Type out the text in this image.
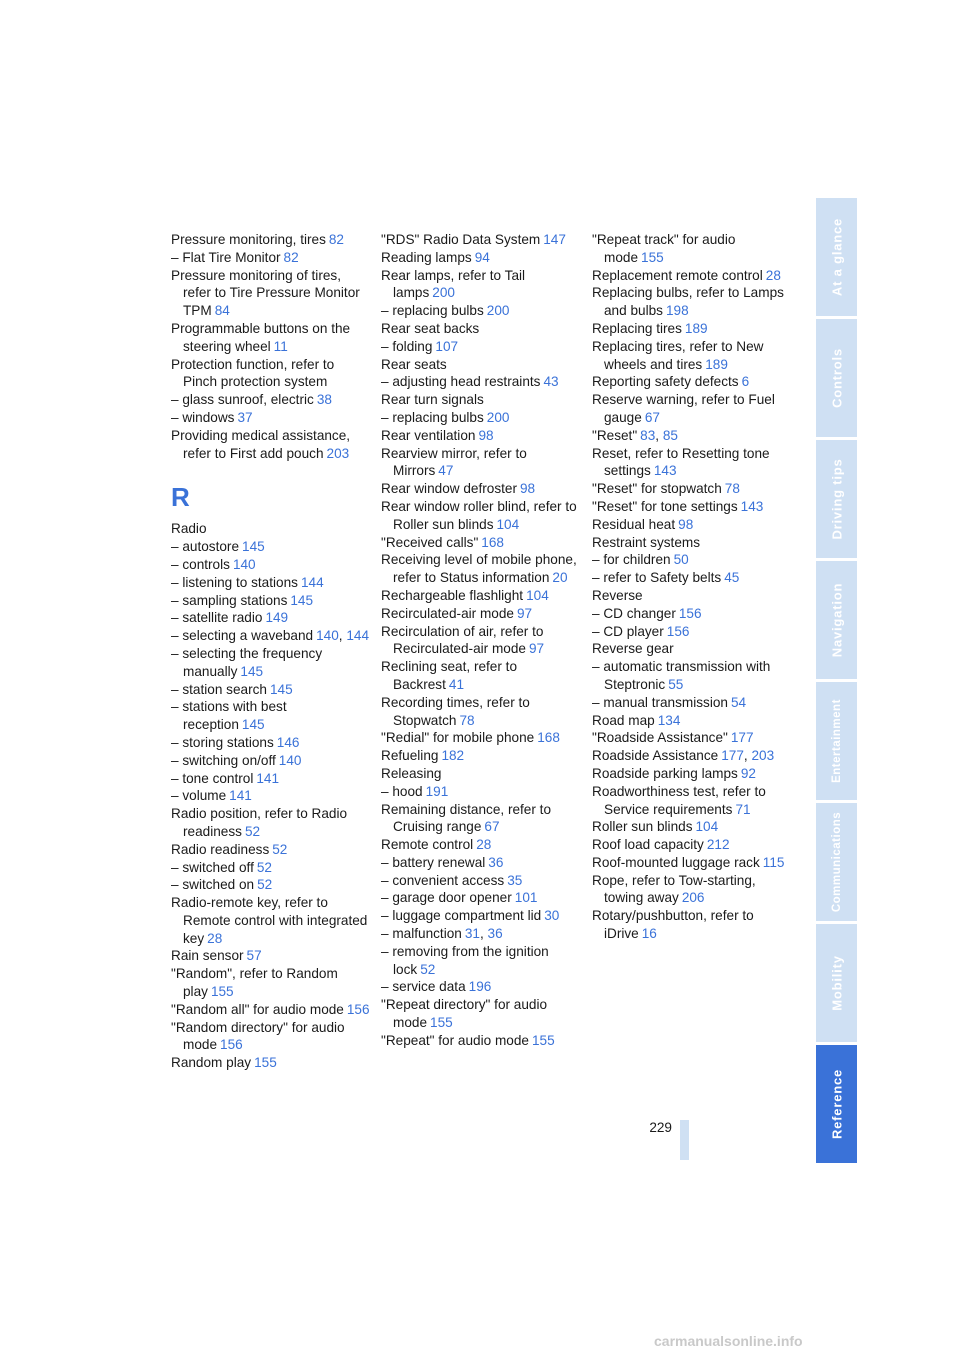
Pressure monitoring, tires 82
– Flat Tire Monitor 82
Pressure monitoring of tires, refer to Tire Pressure Monitor TPM 84
Programmable buttons on the steering wheel 11
Protection function, refer to Pinch protection system
– glass sunroof, electric 38
– windows 37
Providing medical assistance, refer to First add pouch 203
R
Radio
– autostore 145
– controls 140
– listening to stations 144
– sampling stations 145
– satellite radio 149
– selecting a waveband 140, 144
– selecting the frequency manually 145
– station search 145
– stations with best reception 145
– storing stations 146
– switching on/off 140
– tone control 141
– volume 141
Radio position, refer to Radio readiness 52
Radio readiness 52
– switched off 52
– switched on 52
Radio-remote key, refer to Remote control with integrated key 28
Rain sensor 57
"Random", refer to Random play 155
"Random all" for audio mode 156
"Random directory" for audio mode 156
Random play 155
"RDS" Radio Data System 147
Reading lamps 94
Rear lamps, refer to Tail lamps 200
– replacing bulbs 200
Rear seat backs
– folding 107
Rear seats
– adjusting head restraints 43
Rear turn signals
– replacing bulbs 200
Rear ventilation 98
Rearview mirror, refer to Mirrors 47
Rear window defroster 98
Rear window roller blind, refer to Roller sun blinds 104
"Received calls" 168
Receiving level of mobile phone, refer to Status information 20
Rechargeable flashlight 104
Recirculated-air mode 97
Recirculation of air, refer to Recirculated-air mode 97
Reclining seat, refer to Backrest 41
Recording times, refer to Stopwatch 78
"Redial" for mobile phone 168
Refueling 182
Releasing
– hood 191
Remaining distance, refer to Cruising range 67
Remote control 28
– battery renewal 36
– convenient access 35
– garage door opener 101
– luggage compartment lid 30
– malfunction 31, 36
– removing from the ignition lock 52
– service data 196
"Repeat directory" for audio mode 155
"Repeat" for audio mode 155
"Repeat track" for audio mode 155
Replacement remote control 28
Replacing bulbs, refer to Lamps and bulbs 198
Replacing tires 189
Replacing tires, refer to New wheels and tires 189
Reporting safety defects 6
Reserve warning, refer to Fuel gauge 67
"Reset" 83, 85
Reset, refer to Resetting tone settings 143
"Reset" for stopwatch 78
"Reset" for tone settings 143
Residual heat 98
Restraint systems
– for children 50
– refer to Safety belts 45
Reverse
– CD changer 156
– CD player 156
Reverse gear
– automatic transmission with Steptronic 55
– manual transmission 54
Road map 134
"Roadside Assistance" 177
Roadside Assistance 177, 203
Roadside parking lamps 92
Roadworthiness test, refer to Service requirements 71
Roller sun blinds 104
Roof load capacity 212
Roof-mounted luggage rack 115
Rope, refer to Tow-starting, towing away 206
Rotary/pushbutton, refer to iDrive 16
At a glance
Controls
Driving tips
Navigation
Entertainment
Communications
Mobility
Reference
229
carmanualsonline.info
